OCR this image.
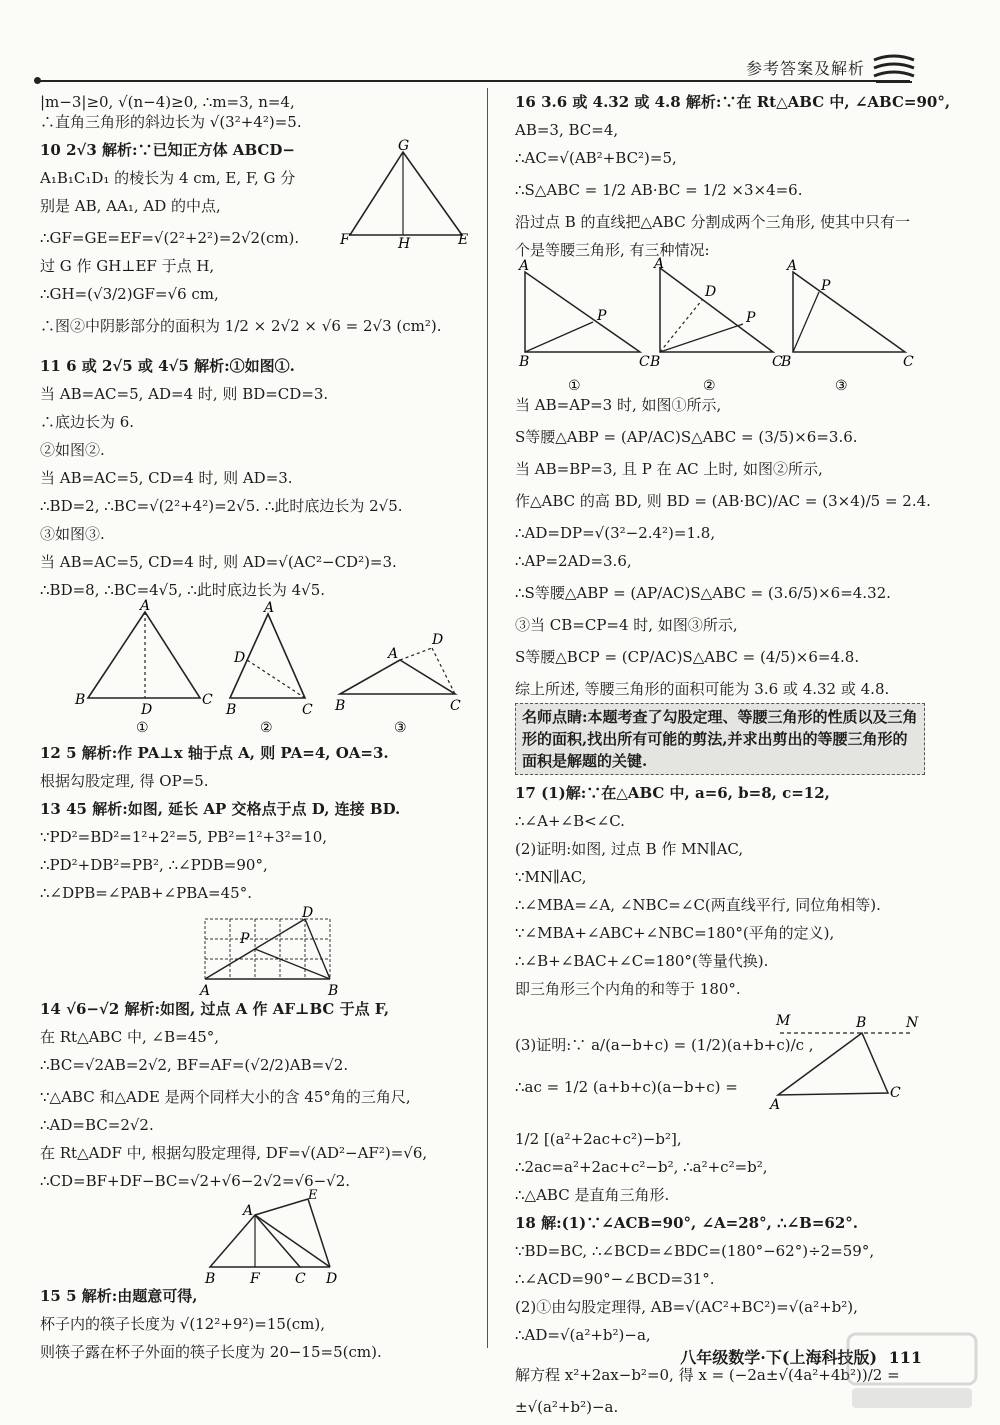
参考答案及解析
|m−3|≥0, √(n−4)≥0, ∴m=3, n=4,
∴直角三角形的斜边长为 √(3²+4²)=5.
10 2√3 解析:∵已知正方体 ABCD−
A₁B₁C₁D₁ 的棱长为 4 cm, E, F, G 分
别是 AB, AA₁, AD 的中点,
∴GF=GE=EF=√(2²+2²)=2√2(cm).
过 G 作 GH⊥EF 于点 H,
G
F	H	E
∴GH=(√3/2)GF=√6 cm,
∴图②中阴影部分的面积为 1/2 × 2√2 × √6 = 2√3 (cm²).
11 6 或 2√5 或 4√5 解析:①如图①.
当 AB=AC=5, AD=4 时, 则 BD=CD=3.
∴底边长为 6.
②如图②.
当 AB=AC=5, CD=4 时, 则 AD=3.
∴BD=2, ∴BC=√(2²+4²)=2√5. ∴此时底边长为 2√5.
③如图③.
当 AB=AC=5, CD=4 时, 则 AD=√(AC²−CD²)=3.
∴BD=8, ∴BC=4√5, ∴此时底边长为 4√5.
A
B
D
C
①
A
D
B	C
②
A
D
B	C
③
12 5 解析:作 PA⊥x 轴于点 A, 则 PA=4, OA=3.
根据勾股定理, 得 OP=5.
13 45 解析:如图, 延长 AP 交格点于点 D, 连接 BD.
∵PD²=BD²=1²+2²=5, PB²=1²+3²=10,
∴PD²+DB²=PB², ∴∠PDB=90°,
∴∠DPB=∠PAB+∠PBA=45°.
D
P
A	B
14 √6−√2 解析:如图, 过点 A 作 AF⊥BC 于点 F,
在 Rt△ABC 中, ∠B=45°,
∴BC=√2AB=2√2, BF=AF=(√2/2)AB=√2.
∵△ABC 和△ADE 是两个同样大小的含 45°角的三角尺,
∴AD=BC=2√2.
在 Rt△ADF 中, 根据勾股定理得, DF=√(AD²−AF²)=√6,
∴CD=BF+DF−BC=√2+√6−2√2=√6−√2.
E
A
B F	C D
15 5 解析:由题意可得,
杯子内的筷子长度为 √(12²+9²)=15(cm),
则筷子露在杯子外面的筷子长度为 20−15=5(cm).
16 3.6 或 4.32 或 4.8 解析:∵在 Rt△ABC 中, ∠ABC=90°,
AB=3, BC=4,
∴AC=√(AB²+BC²)=5,
∴S△ABC = 1/2 AB·BC = 1/2 ×3×4=6.
沿过点 B 的直线把△ABC 分割成两个三角形, 使其中只有一
个是等腰三角形, 有三种情况:
A
P
B	C
①
A
D
P
B	C
②
A
P
B	C
③
当 AB=AP=3 时, 如图①所示,
S等腰△ABP = (AP/AC)S△ABC = (3/5)×6=3.6.
当 AB=BP=3, 且 P 在 AC 上时, 如图②所示,
作△ABC 的高 BD, 则 BD = (AB·BC)/AC = (3×4)/5 = 2.4.
∴AD=DP=√(3²−2.4²)=1.8,
∴AP=2AD=3.6,
∴S等腰△ABP = (AP/AC)S△ABC = (3.6/5)×6=4.32.
③当 CB=CP=4 时, 如图③所示,
S等腰△BCP = (CP/AC)S△ABC = (4/5)×6=4.8.
综上所述, 等腰三角形的面积可能为 3.6 或 4.32 或 4.8.
名师点睛:本题考查了勾股定理、等腰三角形的性质以及三角形的面积,找出所有可能的剪法,并求出剪出的等腰三角形的面积是解题的关键.
17 (1)解:∵在△ABC 中, a=6, b=8, c=12,
∴∠A+∠B<∠C.
(2)证明:如图, 过点 B 作 MN∥AC,
∵MN∥AC,
∴∠MBA=∠A, ∠NBC=∠C(两直线平行, 同位角相等).
∵∠MBA+∠ABC+∠NBC=180°(平角的定义),
∴∠B+∠BAC+∠C=180°(等量代换).
即三角形三个内角的和等于 180°.
(3)证明:∵ a/(a−b+c) = (1/2)(a+b+c)/c ,
∴ac = 1/2 (a+b+c)(a−b+c) =
M	B	N
A
C
1/2 [(a²+2ac+c²)−b²],
∴2ac=a²+2ac+c²−b², ∴a²+c²=b²,
∴△ABC 是直角三角形.
18 解:(1)∵∠ACB=90°, ∠A=28°, ∴∠B=62°.
∵BD=BC, ∴∠BCD=∠BDC=(180°−62°)÷2=59°,
∴∠ACD=90°−∠BCD=31°.
(2)①由勾股定理得, AB=√(AC²+BC²)=√(a²+b²),
∴AD=√(a²+b²)−a,
解方程 x²+2ax−b²=0, 得 x = (−2a±√(4a²+4b²))/2 =
±√(a²+b²)−a.
八年级数学·下(上海科技版) 111
